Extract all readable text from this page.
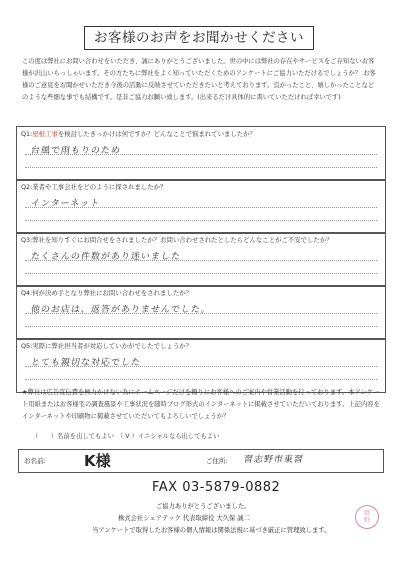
お客様のお声をお聞かせください
この度は弊社にお問い合わせをいただき、誠にありがとうございました。世の中には弊社の存在やサービスをご存知ないお客様が沢山いらっしゃいます。その方たちに弊社をよく知っていただくためのアンケートにご協力いただけるでしょうか？ お客様のご意見をお聞かせいただき今後の活動に反映させていただきたいと考えております。良かったこと、嬉しかったことなどのような些細な事でも結構です。是非ご協力お願い致します。(出来るだけ具体的に書いていただければ幸いです)
Q1:屋根工事を検討したきっかけは何ですか？どんなことで悩まれていましたか？
台風で雨もりのため
Q2:業者や工事会社をどのように探されましたか？
インターネット
Q3:弊社を知りすぐにお問合せをされましたか？お問い合わせされたとしたらどんなことがご不安でしたか？
たくさんの件数があり迷いました
Q4:何が決め手となり弊社にお問い合わせをされましたか？
他のお店は、返答がありませんでした。
Q5:実際に弊社担当者が対応していかがでしたでしょうか？
とても親切な対応でした
★弊社は広告宣伝費を極力かけない為にホームページだけを頼りにお客様へのご案内や営業活動を行っております。本アンケート用紙またはお客様宅の調査風景や工事状況を随時ブログ形式のインターネットに掲載させていただいております。上記内容をインターネットや印刷物に掲載させていただいてもよろしいでしょうか？
（　　）名前を出してもよい　（ V ）イニシャルなら出してもよい
お名前:	K様	ご住所: 習志野市東習
FAX 03-5879-0882
ご協力ありがとうございました。
株式会社シェアテック 代表取締役 大久保 誠二
当アンケートで取得したお客様の個人情報は関係法規に基づき厳正に管理致します。
岡
野
